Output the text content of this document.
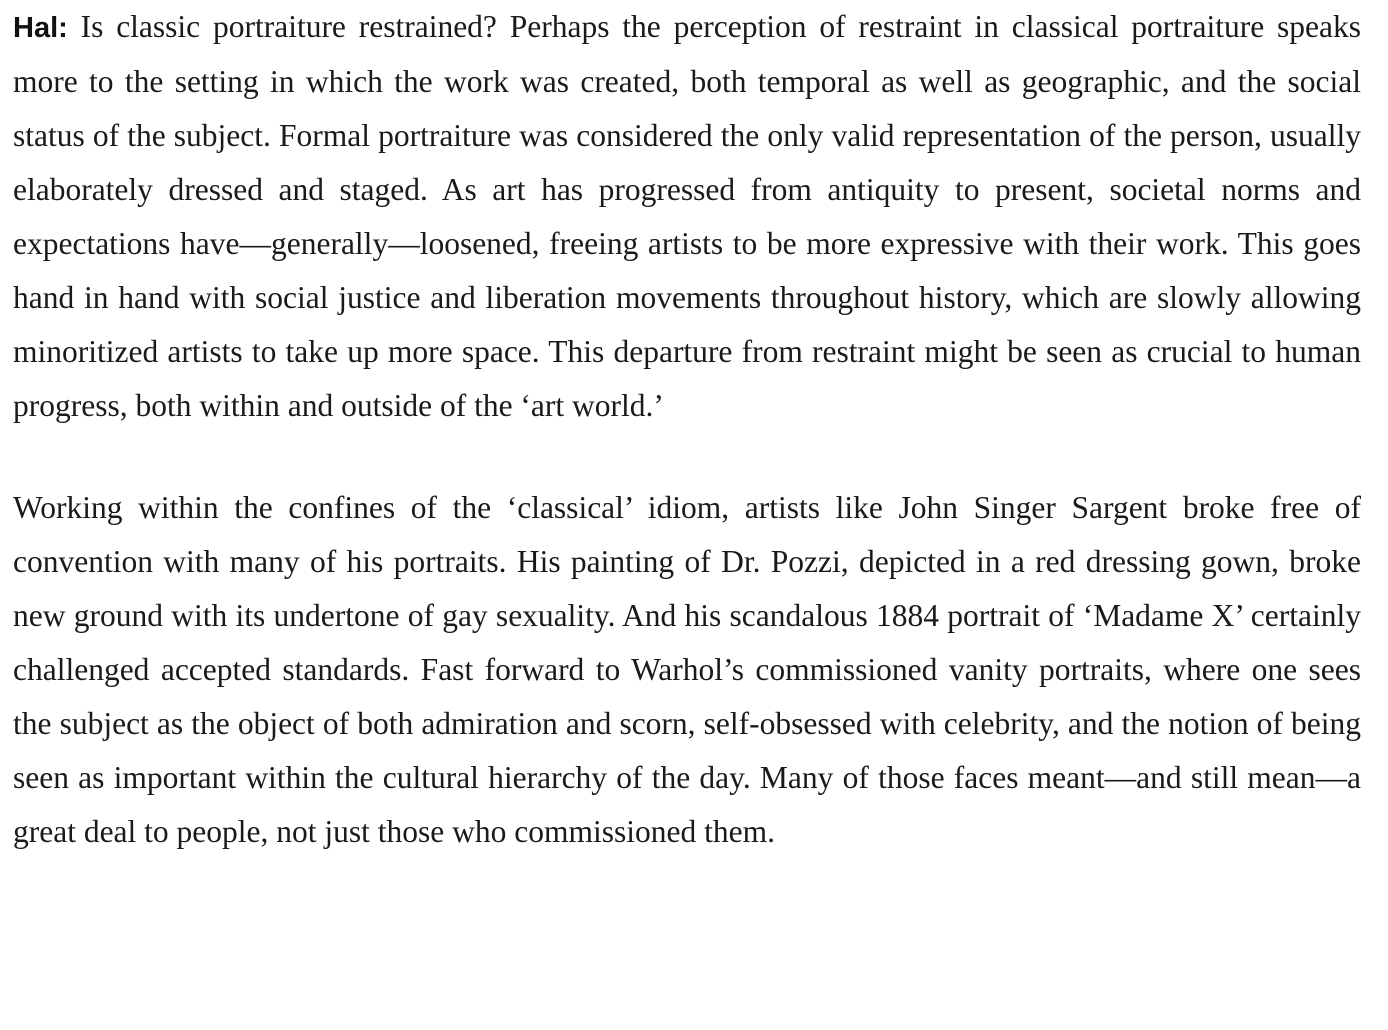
Hal: Is classic portraiture restrained? Perhaps the perception of restraint in classical portraiture speaks more to the setting in which the work was created, both temporal as well as geographic, and the social status of the subject. Formal portraiture was considered the only valid representation of the person, usually elaborately dressed and staged. As art has progressed from antiquity to present, societal norms and expectations have—generally—loosened, freeing artists to be more expressive with their work. This goes hand in hand with social justice and liberation movements throughout history, which are slowly allowing minoritized artists to take up more space. This departure from restraint might be seen as crucial to human progress, both within and outside of the ‘art world.’

Working within the confines of the ‘classical’ idiom, artists like John Singer Sargent broke free of convention with many of his portraits. His painting of Dr. Pozzi, depicted in a red dressing gown, broke new ground with its undertone of gay sexuality. And his scandalous 1884 portrait of ‘Madame X’ certainly challenged accepted standards. Fast forward to Warhol’s commissioned vanity portraits, where one sees the subject as the object of both admiration and scorn, self-obsessed with celebrity, and the notion of being seen as important within the cultural hierarchy of the day. Many of those faces meant—and still mean—a great deal to people, not just those who commissioned them.
